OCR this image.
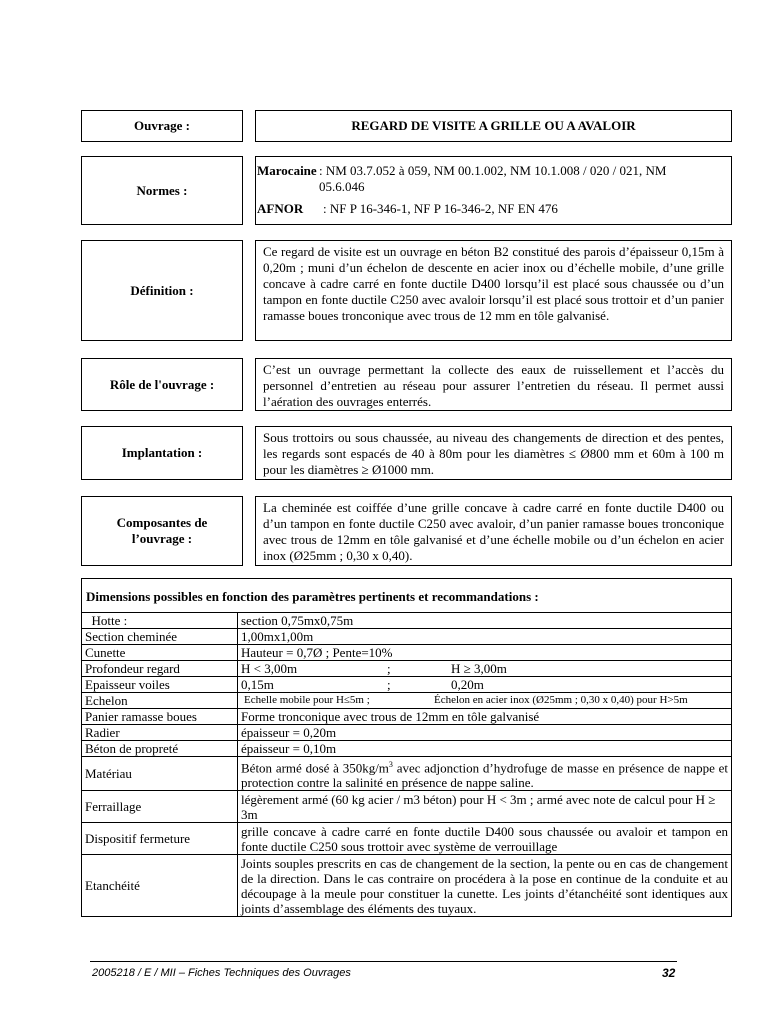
Ouvrage :	REGARD DE VISITE A GRILLE OU A AVALOIR
Normes :
Marocaine : NM 03.7.052 à 059, NM 00.1.002, NM 10.1.008 / 020 / 021, NM 05.6.046
AFNOR	: NF P 16-346-1, NF P 16-346-2, NF EN 476
Définition :
Ce regard de visite est un ouvrage en béton B2 constitué des parois d’épaisseur 0,15m à 0,20m ; muni d’un échelon de descente en acier inox ou d’échelle mobile, d’une grille concave à cadre carré en fonte ductile D400 lorsqu’il est placé sous chaussée ou d’un tampon en fonte ductile C250 avec avaloir lorsqu’il est placé sous trottoir et d’un panier ramasse boues tronconique avec trous de 12 mm en tôle galvanisé.
Rôle de l'ouvrage :
C’est un ouvrage permettant la collecte des eaux de ruissellement et l’accès du personnel d’entretien au réseau pour assurer l’entretien du réseau. Il permet aussi l’aération des ouvrages enterrés.
Implantation :
Sous trottoirs ou sous chaussée, au niveau des changements de direction et des pentes, les regards sont espacés de 40 à 80m pour les diamètres ≤ Ø800 mm et 60m à 100 m pour les diamètres ≥ Ø1000 mm.
Composantes de
l’ouvrage :
La cheminée est coiffée d’une grille concave à cadre carré en fonte ductile D400 ou d’un tampon en fonte ductile C250 avec avaloir, d’un panier ramasse boues tronconique avec trous de 12mm en tôle galvanisé et d’une échelle mobile ou d’un échelon en acier inox (Ø25mm ; 0,30 x 0,40).
Dimensions possibles en fonction des paramètres pertinents et recommandations :
Hotte :	section 0,75mx0,75m
Section cheminée	1,00mx1,00m
Cunette	Hauteur = 0,7Ø ; Pente=10%
Profondeur regard	H < 3,00m ; H ≥ 3,00m
Epaisseur voiles	0,15m ; 0,20m
Echelon	Echelle mobile pour H≤5m ; Échelon en acier inox (Ø25mm ; 0,30 x 0,40) pour H>5m
Panier ramasse boues	Forme tronconique avec trous de 12mm en tôle galvanisé
Radier	épaisseur = 0,20m
Béton de propreté	épaisseur = 0,10m
Matériau	Béton armé dosé à $350kg/m^3$ avec adjonction d’hydrofuge de masse en présence de nappe et protection contre la salinité en présence de nappe saline.
Ferraillage	légèrement armé (60 kg acier / m3 béton) pour H < 3m ; armé avec note de calcul pour H ≥ 3m
Dispositif fermeture	grille concave à cadre carré en fonte ductile D400 sous chaussée ou avaloir et tampon en fonte ductile C250 sous trottoir avec système de verrouillage
Etanchéité	Joints souples prescrits en cas de changement de la section, la pente ou en cas de changement de la direction. Dans le cas contraire on procédera à la pose en continue de la conduite et au découpage à la meule pour constituer la cunette. Les joints d’étanchéité sont identiques aux joints d’assemblage des éléments des tuyaux.
2005218 / E / MII – Fiches Techniques des Ouvrages	32
